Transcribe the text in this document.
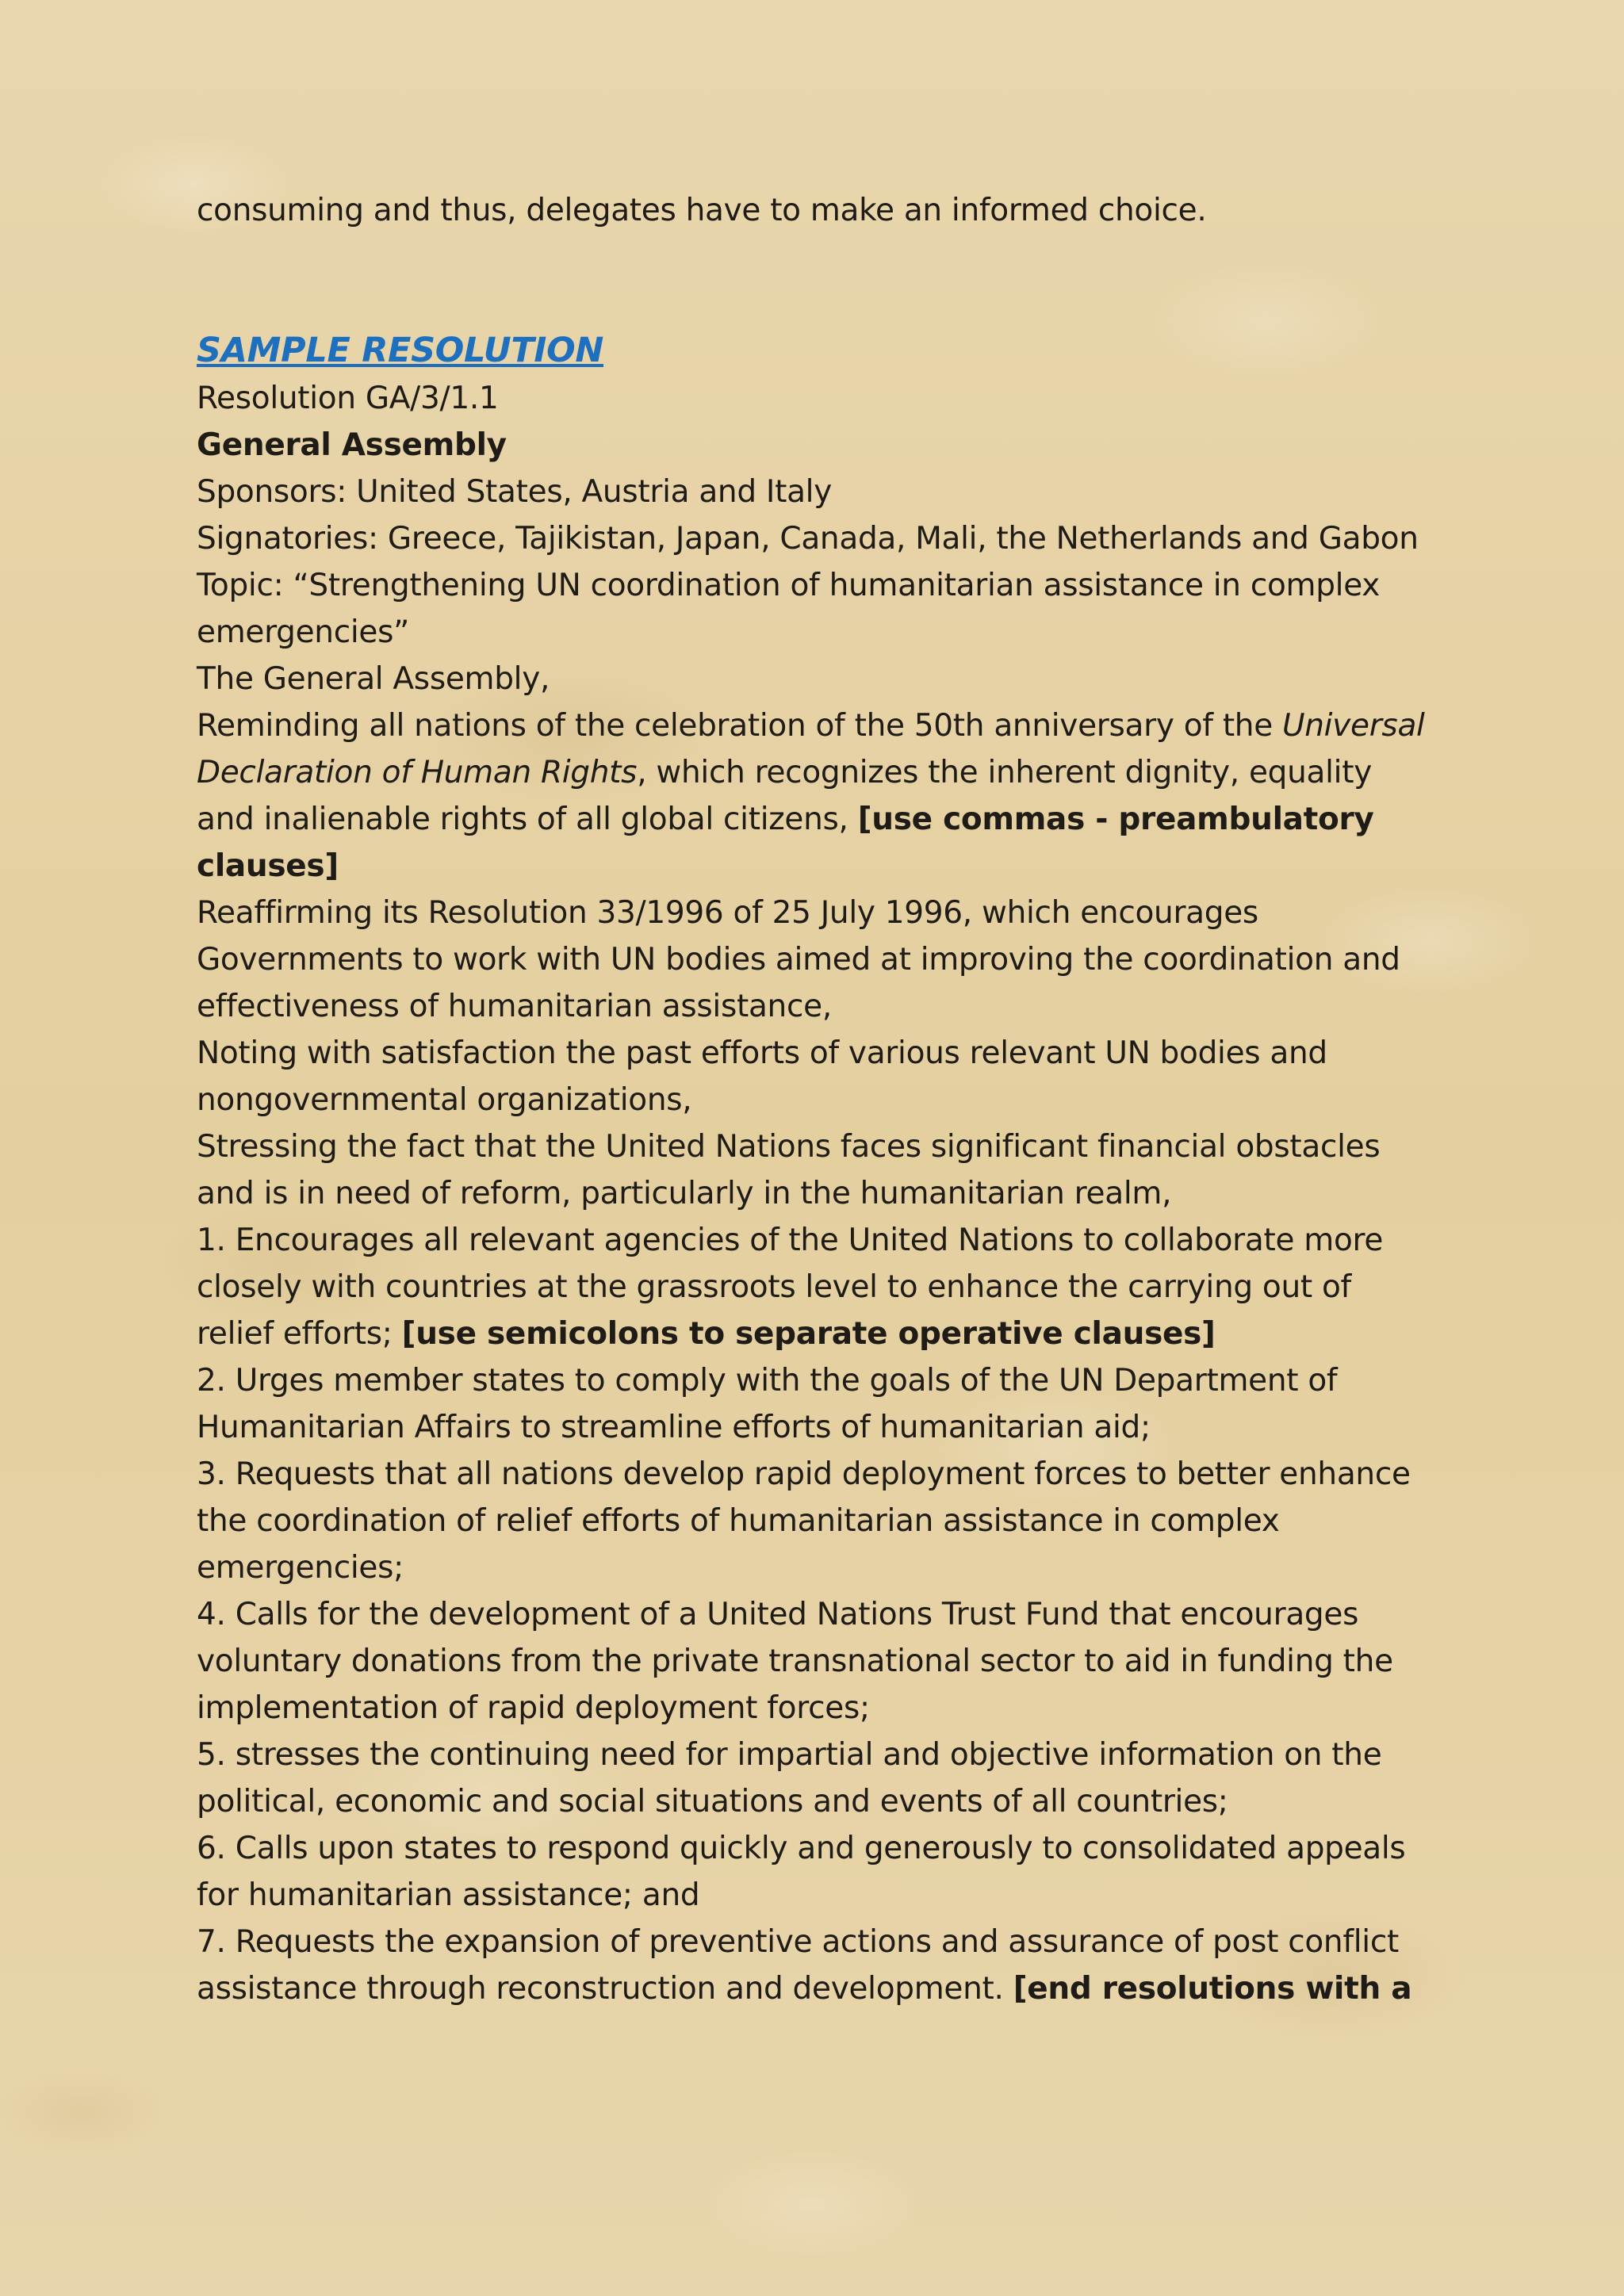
consuming and thus, delegates have to make an informed choice.

SAMPLE RESOLUTION

Resolution GA/3/1.1

General Assembly

Sponsors: United States, Austria and Italy

Signatories: Greece, Tajikistan, Japan, Canada, Mali, the Netherlands and Gabon

Topic: “Strengthening UN coordination of humanitarian assistance in complex emergencies”

The General Assembly,

Reminding all nations of the celebration of the 50th anniversary of the Universal Declaration of Human Rights, which recognizes the inherent dignity, equality and inalienable rights of all global citizens, [use commas - preambulatory clauses]

Reaffirming its Resolution 33/1996 of 25 July 1996, which encourages Governments to work with UN bodies aimed at improving the coordination and effectiveness of humanitarian assistance,

Noting with satisfaction the past efforts of various relevant UN bodies and nongovernmental organizations,

Stressing the fact that the United Nations faces significant financial obstacles and is in need of reform, particularly in the humanitarian realm,

1. Encourages all relevant agencies of the United Nations to collaborate more closely with countries at the grassroots level to enhance the carrying out of relief efforts; [use semicolons to separate operative clauses]

2. Urges member states to comply with the goals of the UN Department of Humanitarian Affairs to streamline efforts of humanitarian aid;

3. Requests that all nations develop rapid deployment forces to better enhance the coordination of relief efforts of humanitarian assistance in complex emergencies;

4. Calls for the development of a United Nations Trust Fund that encourages voluntary donations from the private transnational sector to aid in funding the implementation of rapid deployment forces;

5. stresses the continuing need for impartial and objective information on the political, economic and social situations and events of all countries;

6. Calls upon states to respond quickly and generously to consolidated appeals for humanitarian assistance; and

7. Requests the expansion of preventive actions and assurance of post conflict assistance through reconstruction and development. [end resolutions with a
